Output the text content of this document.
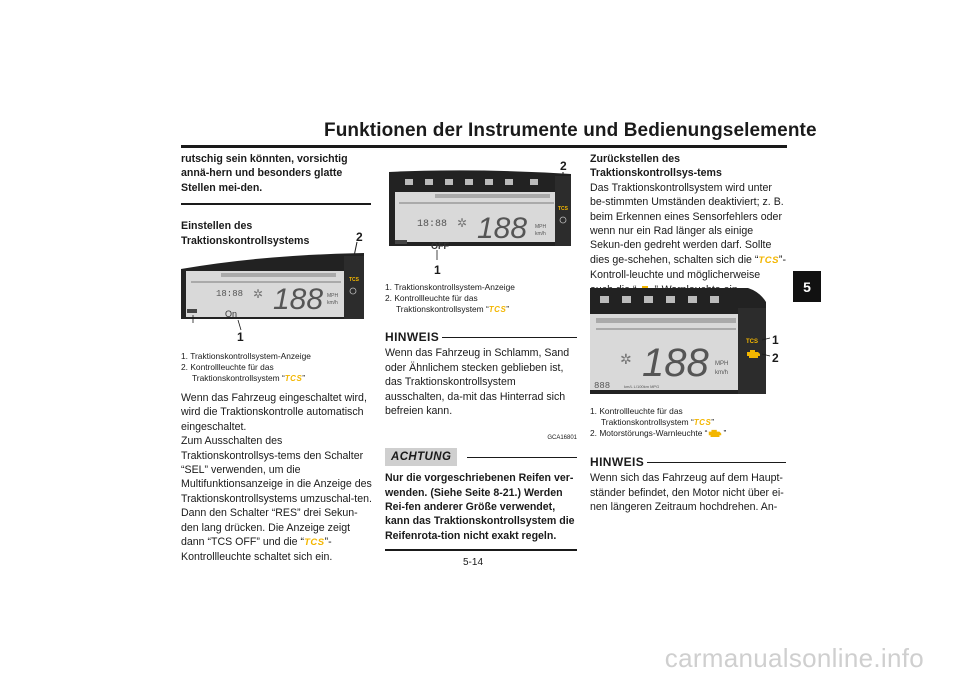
Funktionen der Instrumente und Bedienungselemente
5
rutschig sein könnten, vorsichtig annä-hern und besonders glatte Stellen mei-den.
Einstellen des Traktionskontrollsystems	2
TCS
18:88 ✲ 188 MPH
km/h
On
1
1. Traktionskontrollsystem-Anzeige
2. Kontrollleuchte für das
Traktionskontrollsystem “TCS”
Wenn das Fahrzeug eingeschaltet wird, wird die Traktionskontrolle automatisch eingeschaltet.
Zum Ausschalten des Traktionskontrollsys-tems den Schalter “SEL” verwenden, um die Multifunktionsanzeige in die Anzeige des Traktionskontrollsystems umzuschal-ten. Dann den Schalter “RES” drei Sekun-den lang drücken. Die Anzeige zeigt dann “TCS OFF” und die “TCS”-Kontrollleuchte schaltet sich ein.
2
TCS
18:88 ✲ 188 MPH
km/h
OFF
1
1. Traktionskontrollsystem-Anzeige
2. Kontrollleuchte für das
Traktionskontrollsystem “TCS”
HINWEIS
Wenn das Fahrzeug in Schlamm, Sand oder Ähnlichem stecken geblieben ist, das Traktionskontrollsystem ausschalten, da-mit das Hinterrad sich befreien kann.
GCA16801
ACHTUNG
Nur die vorgeschriebenen Reifen ver-wenden. (Siehe Seite 8-21.) Werden Rei-fen anderer Größe verwendet, kann das Traktionskontrollsystem die Reifenrota-tion nicht exakt regeln.
Zurückstellen des Traktionskontrollsys-tems
Das Traktionskontrollsystem wird unter be-stimmten Umständen deaktiviert; z. B. beim Erkennen eines Sensorfehlers oder wenn nur ein Rad länger als einige Sekun-den gedreht werden darf. Sollte dies ge-schehen, schalten sich die “TCS”-Kontroll-leuchte und möglicherweise
TCS 1
2
✲ 188 MPH
km/h
888	km/L L/100km MPG
1. Kontrollleuchte für das
Traktionskontrollsystem “TCS”
2. Motorstörungs-Warnleuchte “ ”
HINWEIS
Wenn sich das Fahrzeug auf dem Haupt-ständer befindet, den Motor nicht über ei-nen längeren Zeitraum hochdrehen. An-
5-14
carmanualsonline.info
